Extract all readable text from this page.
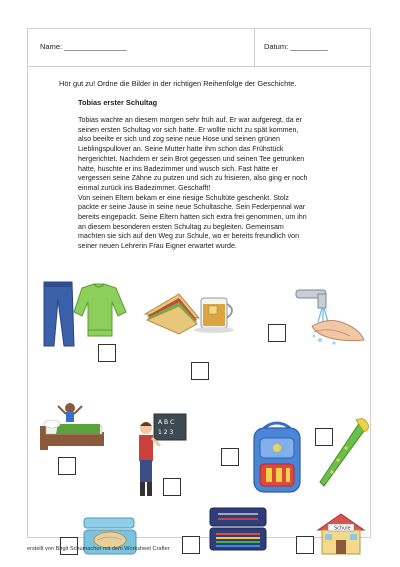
Name: _______________	Datum: _________
Hör gut zu! Ordne die Bilder in der richtigen Reihenfolge der Geschichte.
Tobias erster Schultag

Tobias wachte an diesem morgen sehr früh auf. Er war aufgeregt, da er seinen ersten Schultag vor sich hatte. Er wollte nicht zu spät kommen, also beeilte er sich und zog seine neue Hose und seinen grünen Lieblingspullover an. Seine Mutter hatte ihm schon das Frühstück hergerichtet. Nachdem er sein Brot gegessen und seinen Tee getrunken hatte, huschte er ins Badezimmer und wusch sich. Fast hätte er vergessen seine Zähne zu putzen und sich zu frisieren, also ging er noch einmal zurück ins Badezimmer. Geschafft!

Von seinen Eltern bekam er eine riesige Schultüte geschenkt. Stolz packte er seine Jause in seine neue Schultasche. Sein Federpennal war bereits eingepackt. Seine Eltern hatten sich extra frei genommen, um ihn an diesem besonderen ersten Schultag zu begleiten. Gemeinsam machten sie sich auf den Weg zur Schule, wo er bereits freundlich von seiner neuen Lehrerin Frau Eigner erwartet wurde.

A B C
1 2 3
Schule
erstellt von Birgit Schumacher mit dem Worksheet Crafter
